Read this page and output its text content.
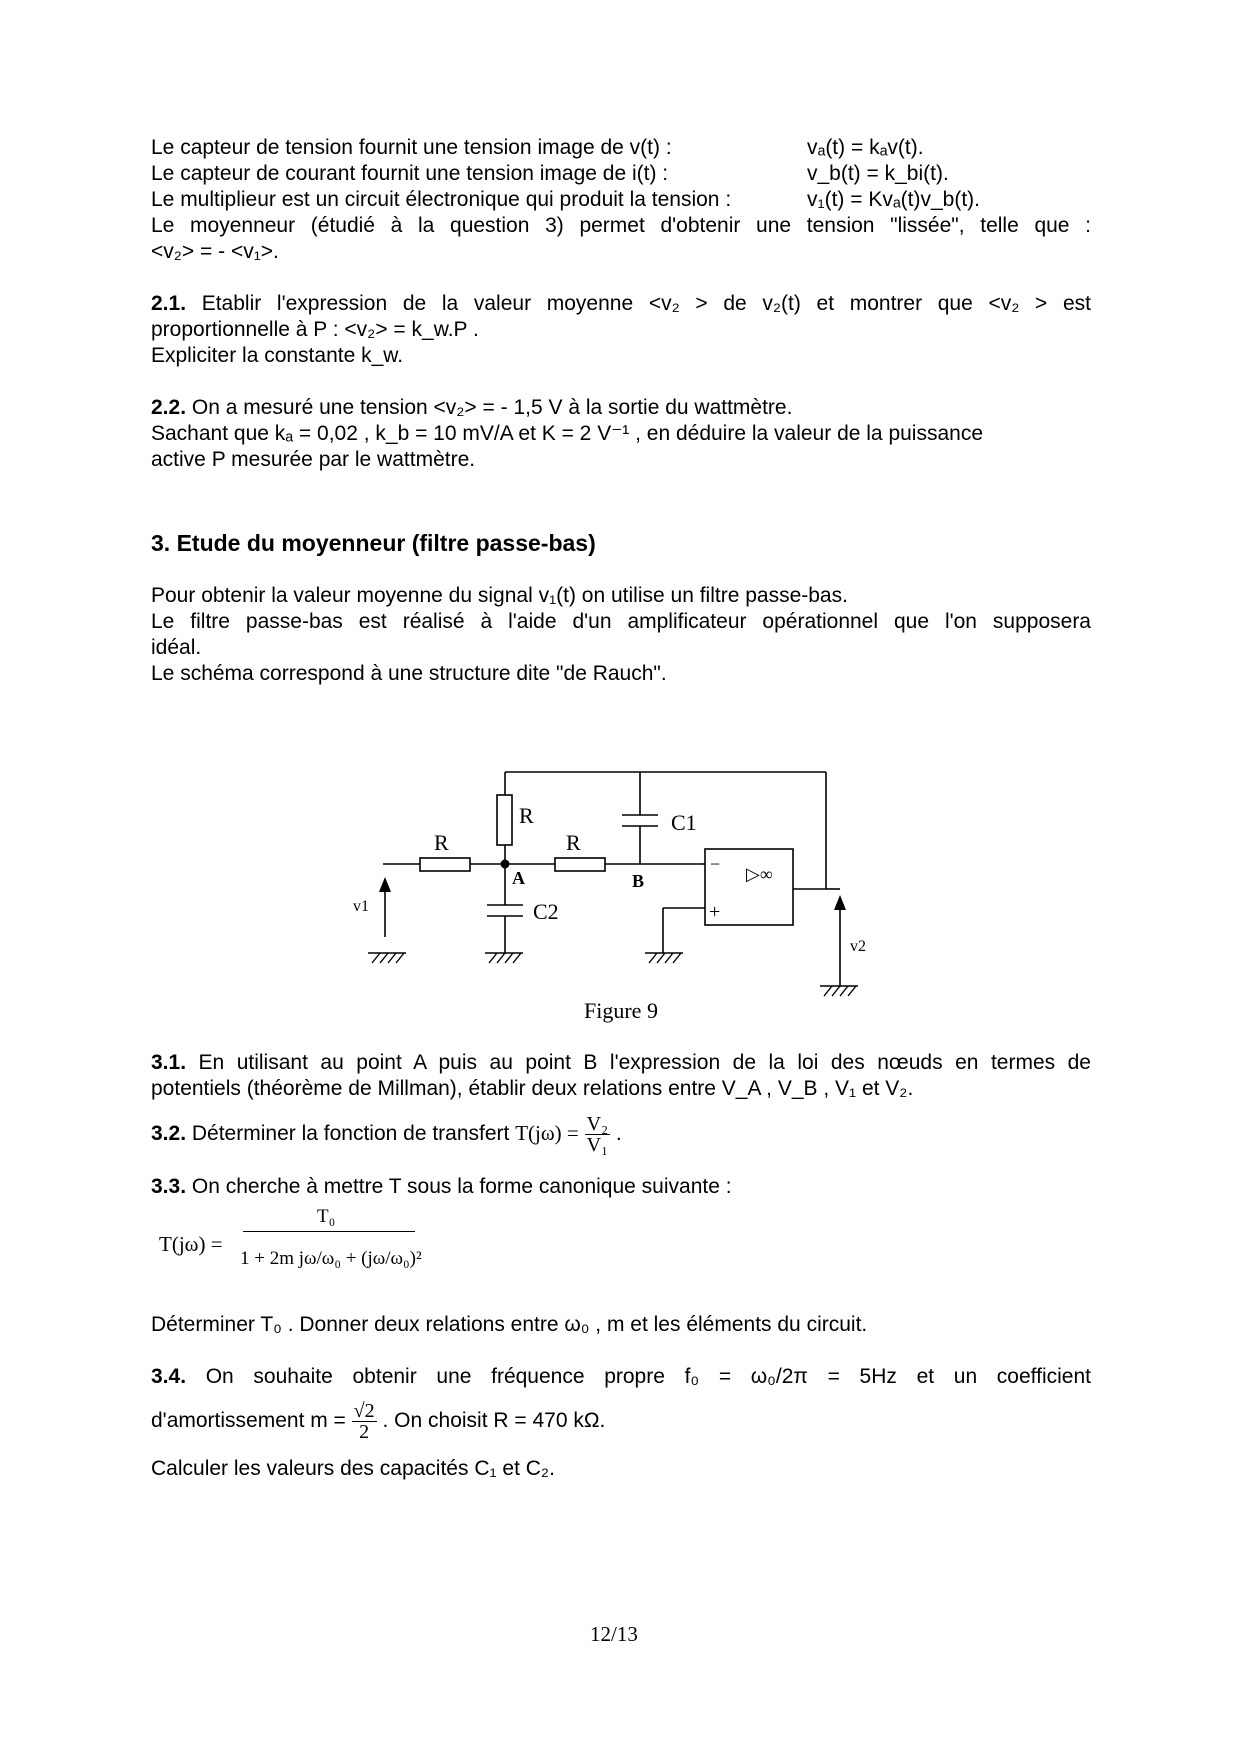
Le capteur de tension fournit une tension image de v(t) :	vₐ(t) = kₐv(t).
Le capteur de courant fournit une tension image de i(t) :	v_b(t) = k_bi(t).
Le multiplieur est un circuit électronique qui produit la tension :	v₁(t) = Kvₐ(t)v_b(t).

Le moyenneur (étudié à la question 3) permet d'obtenir une tension "lissée", telle que :

<v₂> = - <v₁>.

2.1. Etablir l'expression de la valeur moyenne <v₂ > de v₂(t) et montrer que <v₂ > est

proportionnelle à P : <v₂> = k_w.P .

Expliciter la constante k_w.

2.2. On a mesuré une tension <v₂> = - 1,5 V à la sortie du wattmètre.

Sachant que kₐ = 0,02 , k_b = 10 mV/A et K = 2 V⁻¹ , en déduire la valeur de la puissance

active P mesurée par le wattmètre.

3. Etude du moyenneur (filtre passe-bas)

Pour obtenir la valeur moyenne du signal v₁(t) on utilise un filtre passe-bas.

Le filtre passe-bas est réalisé à l'aide d'un amplificateur opérationnel que l'on supposera

idéal.

Le schéma correspond à une structure dite "de Rauch".

R
R
R
C1
C2
A	B
v1
v2
▷∞
−
+
Figure 9

3.1. En utilisant au point A puis au point B l'expression de la loi des nœuds en termes de

potentiels (théorème de Millman), établir deux relations entre V_A , V_B , V₁ et V₂.

3.2. Déterminer la fonction de transfert $T(j\omega) = \frac{\text{V₂}}{\text{V₁}}$ .

3.3. On cherche à mettre T sous la forme canonique suivante :

T(jω) =
T₀
1 + 2m jω/ω₀ + (jω/ω₀)²

Déterminer T₀ . Donner deux relations entre ω₀ , m et les éléments du circuit.

3.4. On souhaite obtenir une fréquence propre f₀ = ω₀/2π = 5Hz et un coefficient

d'amortissement $m = \frac{√2}{2}$ . On choisit R = 470 kΩ.

Calculer les valeurs des capacités C₁ et C₂.

12/13
